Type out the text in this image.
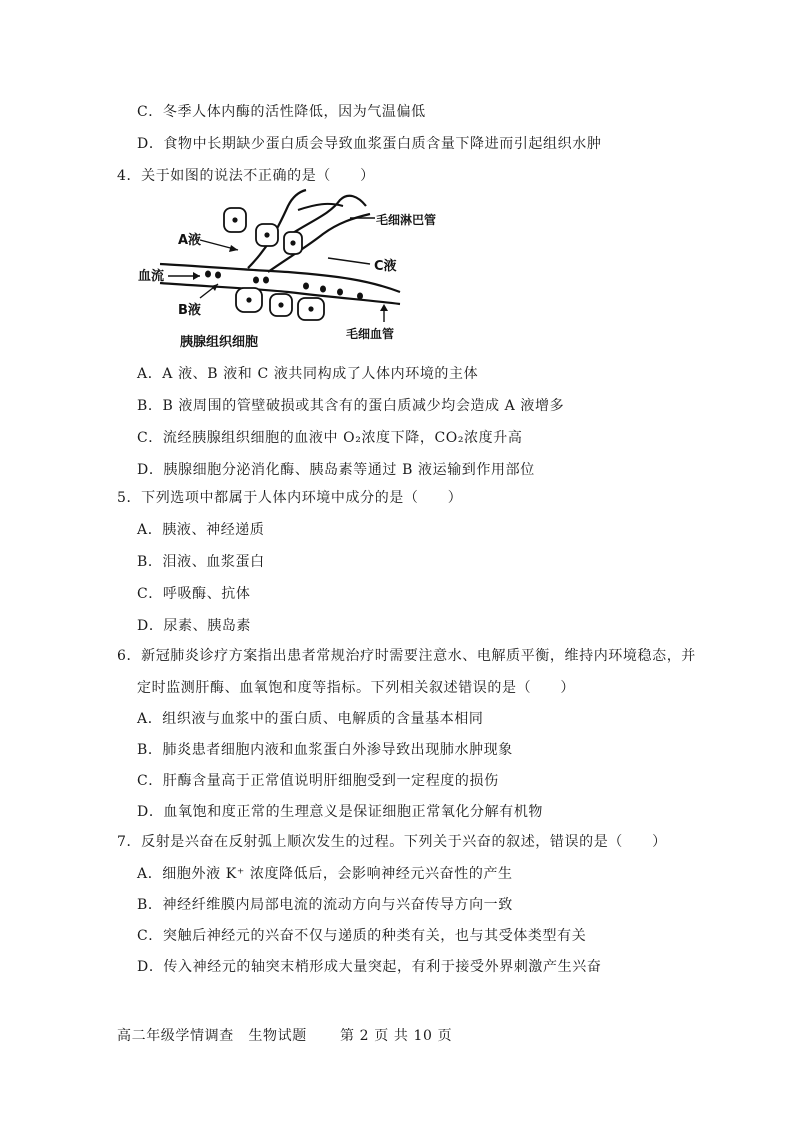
C．冬季人体内酶的活性降低，因为气温偏低
D．食物中长期缺少蛋白质会导致血浆蛋白质含量下降进而引起组织水肿
4．关于如图的说法不正确的是（　　）
A液
B液
C液
血流
毛细淋巴管
毛细血管
胰腺组织细胞
A．A 液、B 液和 C 液共同构成了人体内环境的主体
B．B 液周围的管壁破损或其含有的蛋白质减少均会造成 A 液增多
C．流经胰腺组织细胞的血液中 O₂浓度下降，CO₂浓度升高
D．胰腺细胞分泌消化酶、胰岛素等通过 B 液运输到作用部位
5．下列选项中都属于人体内环境中成分的是（　　）
A．胰液、神经递质
B．泪液、血浆蛋白
C．呼吸酶、抗体
D．尿素、胰岛素
6．新冠肺炎诊疗方案指出患者常规治疗时需要注意水、电解质平衡，维持内环境稳态，并
定时监测肝酶、血氧饱和度等指标。下列相关叙述错误的是（　　）
A．组织液与血浆中的蛋白质、电解质的含量基本相同
B．肺炎患者细胞内液和血浆蛋白外渗导致出现肺水肿现象
C．肝酶含量高于正常值说明肝细胞受到一定程度的损伤
D．血氧饱和度正常的生理意义是保证细胞正常氧化分解有机物
7．反射是兴奋在反射弧上顺次发生的过程。下列关于兴奋的叙述，错误的是（　　）
A．细胞外液 K⁺ 浓度降低后，会影响神经元兴奋性的产生
B．神经纤维膜内局部电流的流动方向与兴奋传导方向一致
C．突触后神经元的兴奋不仅与递质的种类有关，也与其受体类型有关
D．传入神经元的轴突末梢形成大量突起，有利于接受外界刺激产生兴奋
高二年级学情调查　生物试题 第 2 页 共 10 页
